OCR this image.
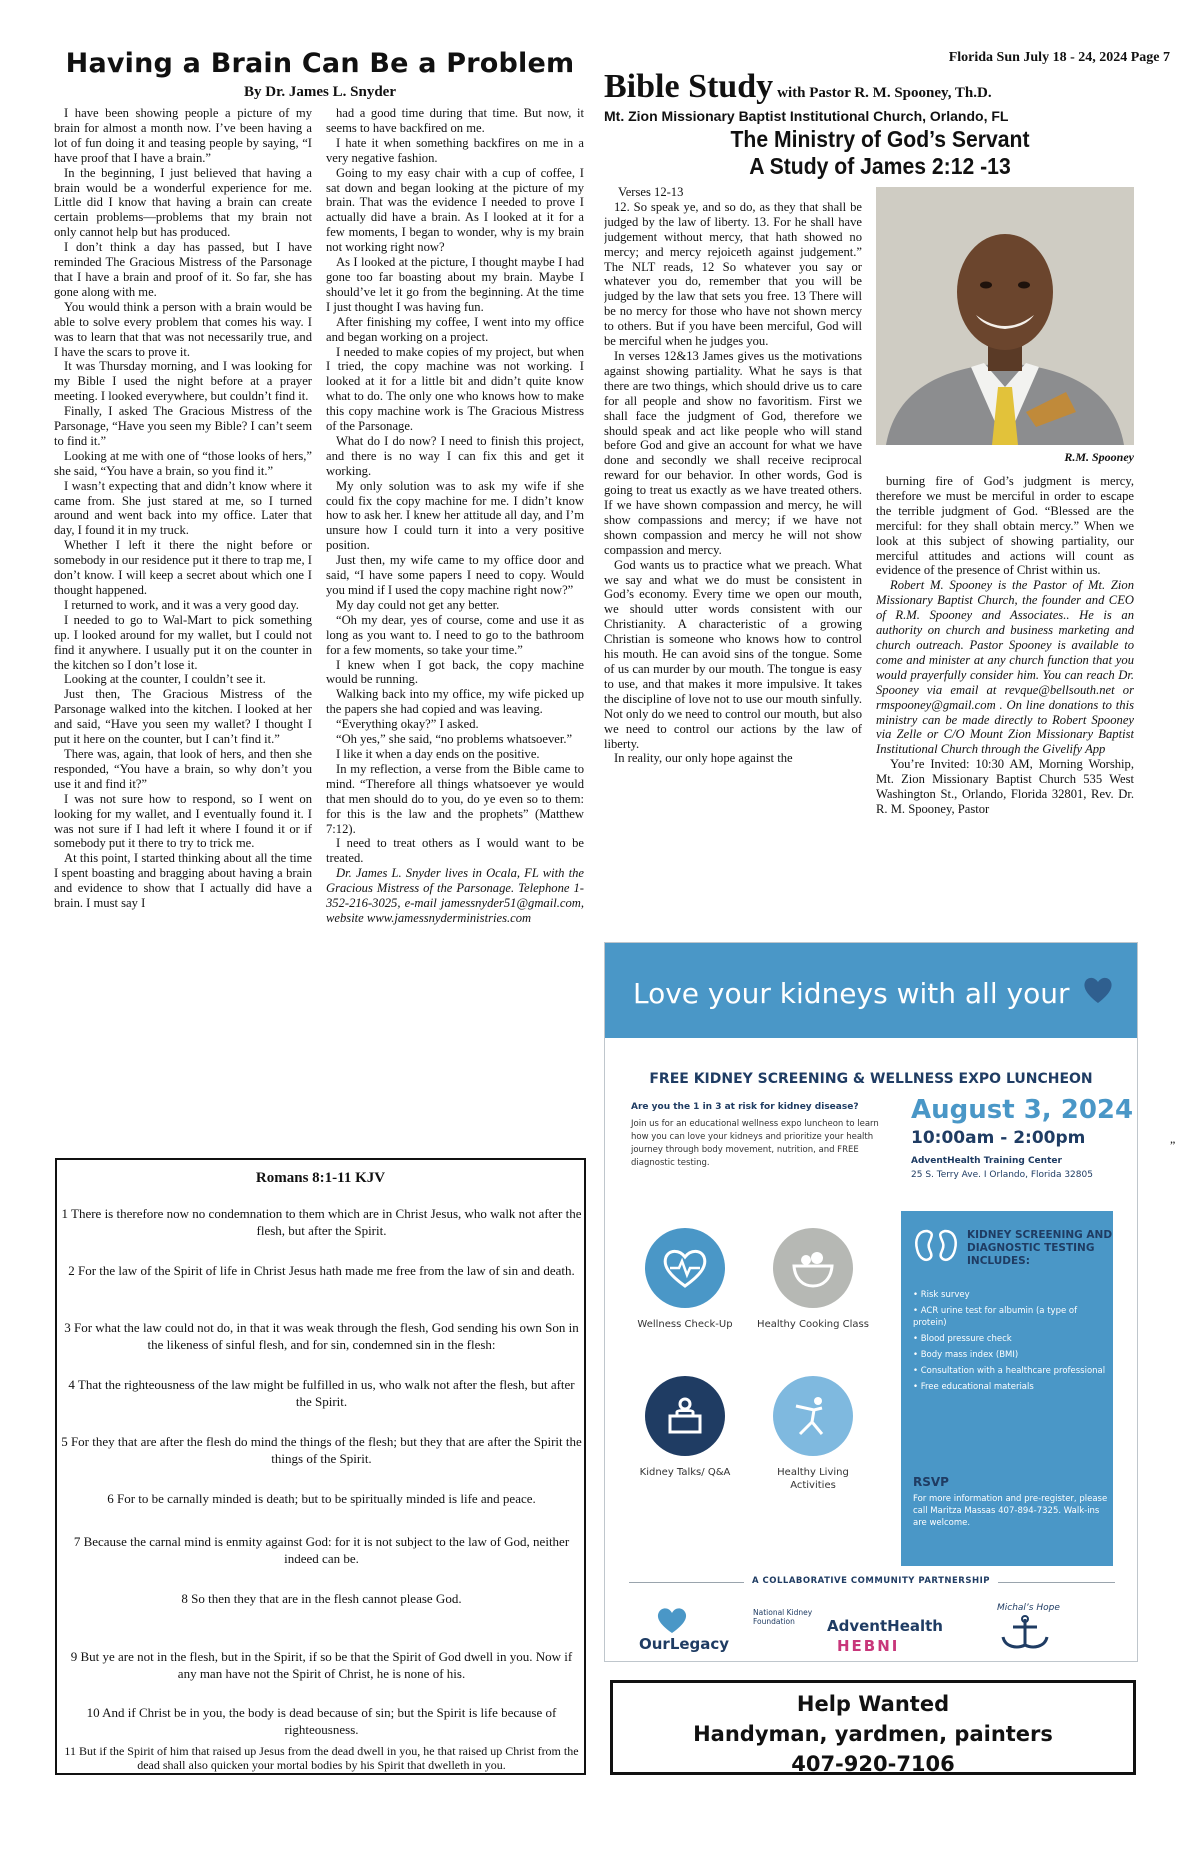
Florida Sun July 18 - 24, 2024 Page 7
Having a Brain Can Be a Problem
By Dr. James L. Snyder

I have been showing people a picture of my brain for almost a month now. I’ve been having a lot of fun doing it and teasing people by saying, “I have proof that I have a brain.”

In the beginning, I just believed that having a brain would be a wonderful experience for me. Little did I know that having a brain can create certain problems—problems that my brain not only cannot help but has produced.

I don’t think a day has passed, but I have reminded The Gracious Mistress of the Parsonage that I have a brain and proof of it. So far, she has gone along with me.

You would think a person with a brain would be able to solve every problem that comes his way. I was to learn that that was not necessarily true, and I have the scars to prove it.

It was Thursday morning, and I was looking for my Bible I used the night before at a prayer meeting. I looked everywhere, but couldn’t find it.

Finally, I asked The Gracious Mistress of the Parsonage, “Have you seen my Bible? I can’t seem to find it.”

Looking at me with one of “those looks of hers,” she said, “You have a brain, so you find it.”

I wasn’t expecting that and didn’t know where it came from. She just stared at me, so I turned around and went back into my office. Later that day, I found it in my truck.

Whether I left it there the night before or somebody in our residence put it there to trap me, I don’t know. I will keep a secret about which one I thought happened.

I returned to work, and it was a very good day.

I needed to go to Wal-Mart to pick something up. I looked around for my wallet, but I could not find it anywhere. I usually put it on the counter in the kitchen so I don’t lose it.

Looking at the counter, I couldn’t see it.

Just then, The Gracious Mistress of the Parsonage walked into the kitchen. I looked at her and said, “Have you seen my wallet? I thought I put it here on the counter, but I can’t find it.”

There was, again, that look of hers, and then she responded, “You have a brain, so why don’t you use it and find it?”

I was not sure how to respond, so I went on looking for my wallet, and I eventually found it. I was not sure if I had left it where I found it or if somebody put it there to try to trick me.

At this point, I started thinking about all the time I spent boasting and bragging about having a brain and evidence to show that I actually did have a brain. I must say I

had a good time during that time. But now, it seems to have backfired on me.

I hate it when something backfires on me in a very negative fashion.

Going to my easy chair with a cup of coffee, I sat down and began looking at the picture of my brain. That was the evidence I needed to prove I actually did have a brain. As I looked at it for a few moments, I began to wonder, why is my brain not working right now?

As I looked at the picture, I thought maybe I had gone too far boasting about my brain. Maybe I should’ve let it go from the beginning. At the time I just thought I was having fun.

After finishing my coffee, I went into my office and began working on a project.

I needed to make copies of my project, but when I tried, the copy machine was not working. I looked at it for a little bit and didn’t quite know what to do. The only one who knows how to make this copy machine work is The Gracious Mistress of the Parsonage.

What do I do now? I need to finish this project, and there is no way I can fix this and get it working.

My only solution was to ask my wife if she could fix the copy machine for me. I didn’t know how to ask her. I knew her attitude all day, and I’m unsure how I could turn it into a very positive position.

Just then, my wife came to my office door and said, “I have some papers I need to copy. Would you mind if I used the copy machine right now?”

My day could not get any better.

“Oh my dear, yes of course, come and use it as long as you want to. I need to go to the bathroom for a few moments, so take your time.”

I knew when I got back, the copy machine would be running.

Walking back into my office, my wife picked up the papers she had copied and was leaving.

“Everything okay?” I asked.

“Oh yes,” she said, “no problems whatsoever.”

I like it when a day ends on the positive.

In my reflection, a verse from the Bible came to mind. “Therefore all things whatsoever ye would that men should do to you, do ye even so to them: for this is the law and the prophets” (Matthew 7:12).

I need to treat others as I would want to be treated.

Dr. James L. Snyder lives in Ocala, FL with the Gracious Mistress of the Parsonage. Telephone 1-352-216-3025, e-mail jamessnyder51@gmail.com, website www.jamessnyderministries.com

Bible Study with Pastor R. M. Spooney, Th.D.
Mt. Zion Missionary Baptist Institutional Church, Orlando, FL
The Ministry of God’s Servant
A Study of James 2:12 -13
Verses 12-13

12. So speak ye, and so do, as they that shall be judged by the law of liberty. 13. For he shall have judgement without mercy, that hath showed no mercy; and mercy rejoiceth against judgement.” The NLT reads, 12 So whatever you say or whatever you do, remember that you will be judged by the law that sets you free. 13 There will be no mercy for those who have not shown mercy to others. But if you have been merciful, God will be merciful when he judges you.

In verses 12&13 James gives us the motivations against showing partiality. What he says is that there are two things, which should drive us to care for all people and show no favoritism. First we shall face the judgment of God, therefore we should speak and act like people who will stand before God and give an account for what we have done and secondly we shall receive reciprocal reward for our behavior. In other words, God is going to treat us exactly as we have treated others. If we have shown compassion and mercy, he will show compassions and mercy; if we have not shown compassion and mercy he will not show compassion and mercy.

God wants us to practice what we preach. What we say and what we do must be consistent in God’s economy. Every time we open our mouth, we should utter words consistent with our Christianity. A characteristic of a growing Christian is someone who knows how to control his mouth. He can avoid sins of the tongue. Some of us can murder by our mouth. The tongue is easy to use, and that makes it more impulsive. It takes the discipline of love not to use our mouth sinfully. Not only do we need to control our mouth, but also we need to control our actions by the law of liberty.

In reality, our only hope against the

R.M. Spooney

burning fire of God’s judgment is mercy, therefore we must be merciful in order to escape the terrible judgment of God. “Blessed are the merciful: for they shall obtain mercy.” When we look at this subject of showing partiality, our merciful attitudes and actions will count as evidence of the presence of Christ within us.

Robert M. Spooney is the Pastor of Mt. Zion Missionary Baptist Church, the founder and CEO of R.M. Spooney and Associates.. He is an authority on church and business marketing and church outreach. Pastor Spooney is available to come and minister at any church function that you would prayerfully consider him. You can reach Dr. Spooney via email at revque@bellsouth.net or rmspooney@gmail.com . On line donations to this ministry can be made directly to Robert Spooney via Zelle or C/O Mount Zion Missionary Baptist Institutional Church through the Givelify App

You’re Invited: 10:30 AM, Morning Worship, Mt. Zion Missionary Baptist Church 535 West Washington St., Orlando, Florida 32801, Rev. Dr. R. M. Spooney, Pastor

Romans 8:1-11 KJV
1 There is therefore now no condemnation to them which are in Christ Jesus, who walk not after the flesh, but after the Spirit.
2 For the law of the Spirit of life in Christ Jesus hath made me free from the law of sin and death.
3 For what the law could not do, in that it was weak through the flesh, God sending his own Son in the likeness of sinful flesh, and for sin, condemned sin in the flesh:
4 That the righteousness of the law might be fulfilled in us, who walk not after the flesh, but after the Spirit.
5 For they that are after the flesh do mind the things of the flesh; but they that are after the Spirit the things of the Spirit.
6 For to be carnally minded is death; but to be spiritually minded is life and peace.
7 Because the carnal mind is enmity against God: for it is not subject to the law of God, neither indeed can be.
8 So then they that are in the flesh cannot please God.
9 But ye are not in the flesh, but in the Spirit, if so be that the Spirit of God dwell in you. Now if any man have not the Spirit of Christ, he is none of his.
10 And if Christ be in you, the body is dead because of sin; but the Spirit is life because of righteousness.
11 But if the Spirit of him that raised up Jesus from the dead dwell in you, he that raised up Christ from the dead shall also quicken your mortal bodies by his Spirit that dwelleth in you.
Love your kidneys with all your
FREE KIDNEY SCREENING & WELLNESS EXPO LUNCHEON
Are you the 1 in 3 at risk for kidney disease?
Join us for an educational wellness expo luncheon to learn how you can love your kidneys and prioritize your health journey through body movement, nutrition, and FREE diagnostic testing.
August 3, 2024
10:00am - 2:00pm
AdventHealth Training Center
25 S. Terry Ave. I Orlando, Florida 32805
Wellness Check-Up	Healthy Cooking Class
Kidney Talks/ Q&A	Healthy Living Activities
KIDNEY SCREENING AND DIAGNOSTIC TESTING INCLUDES:
• Risk survey
• ACR urine test for albumin (a type of protein)
• Blood pressure check
• Body mass index (BMI)
• Consultation with a healthcare professional
• Free educational materials
RSVP
For more information and pre-register, please call Maritza Massas 407-894-7325. Walk-ins are welcome.
A COLLABORATIVE COMMUNITY PARTNERSHIP
OurLegacy
National Kidney Foundation	AdventHealth
HEBNI
Michal’s Hope
Help Wanted
Handyman, yardmen, painters
407-920-7106
”
